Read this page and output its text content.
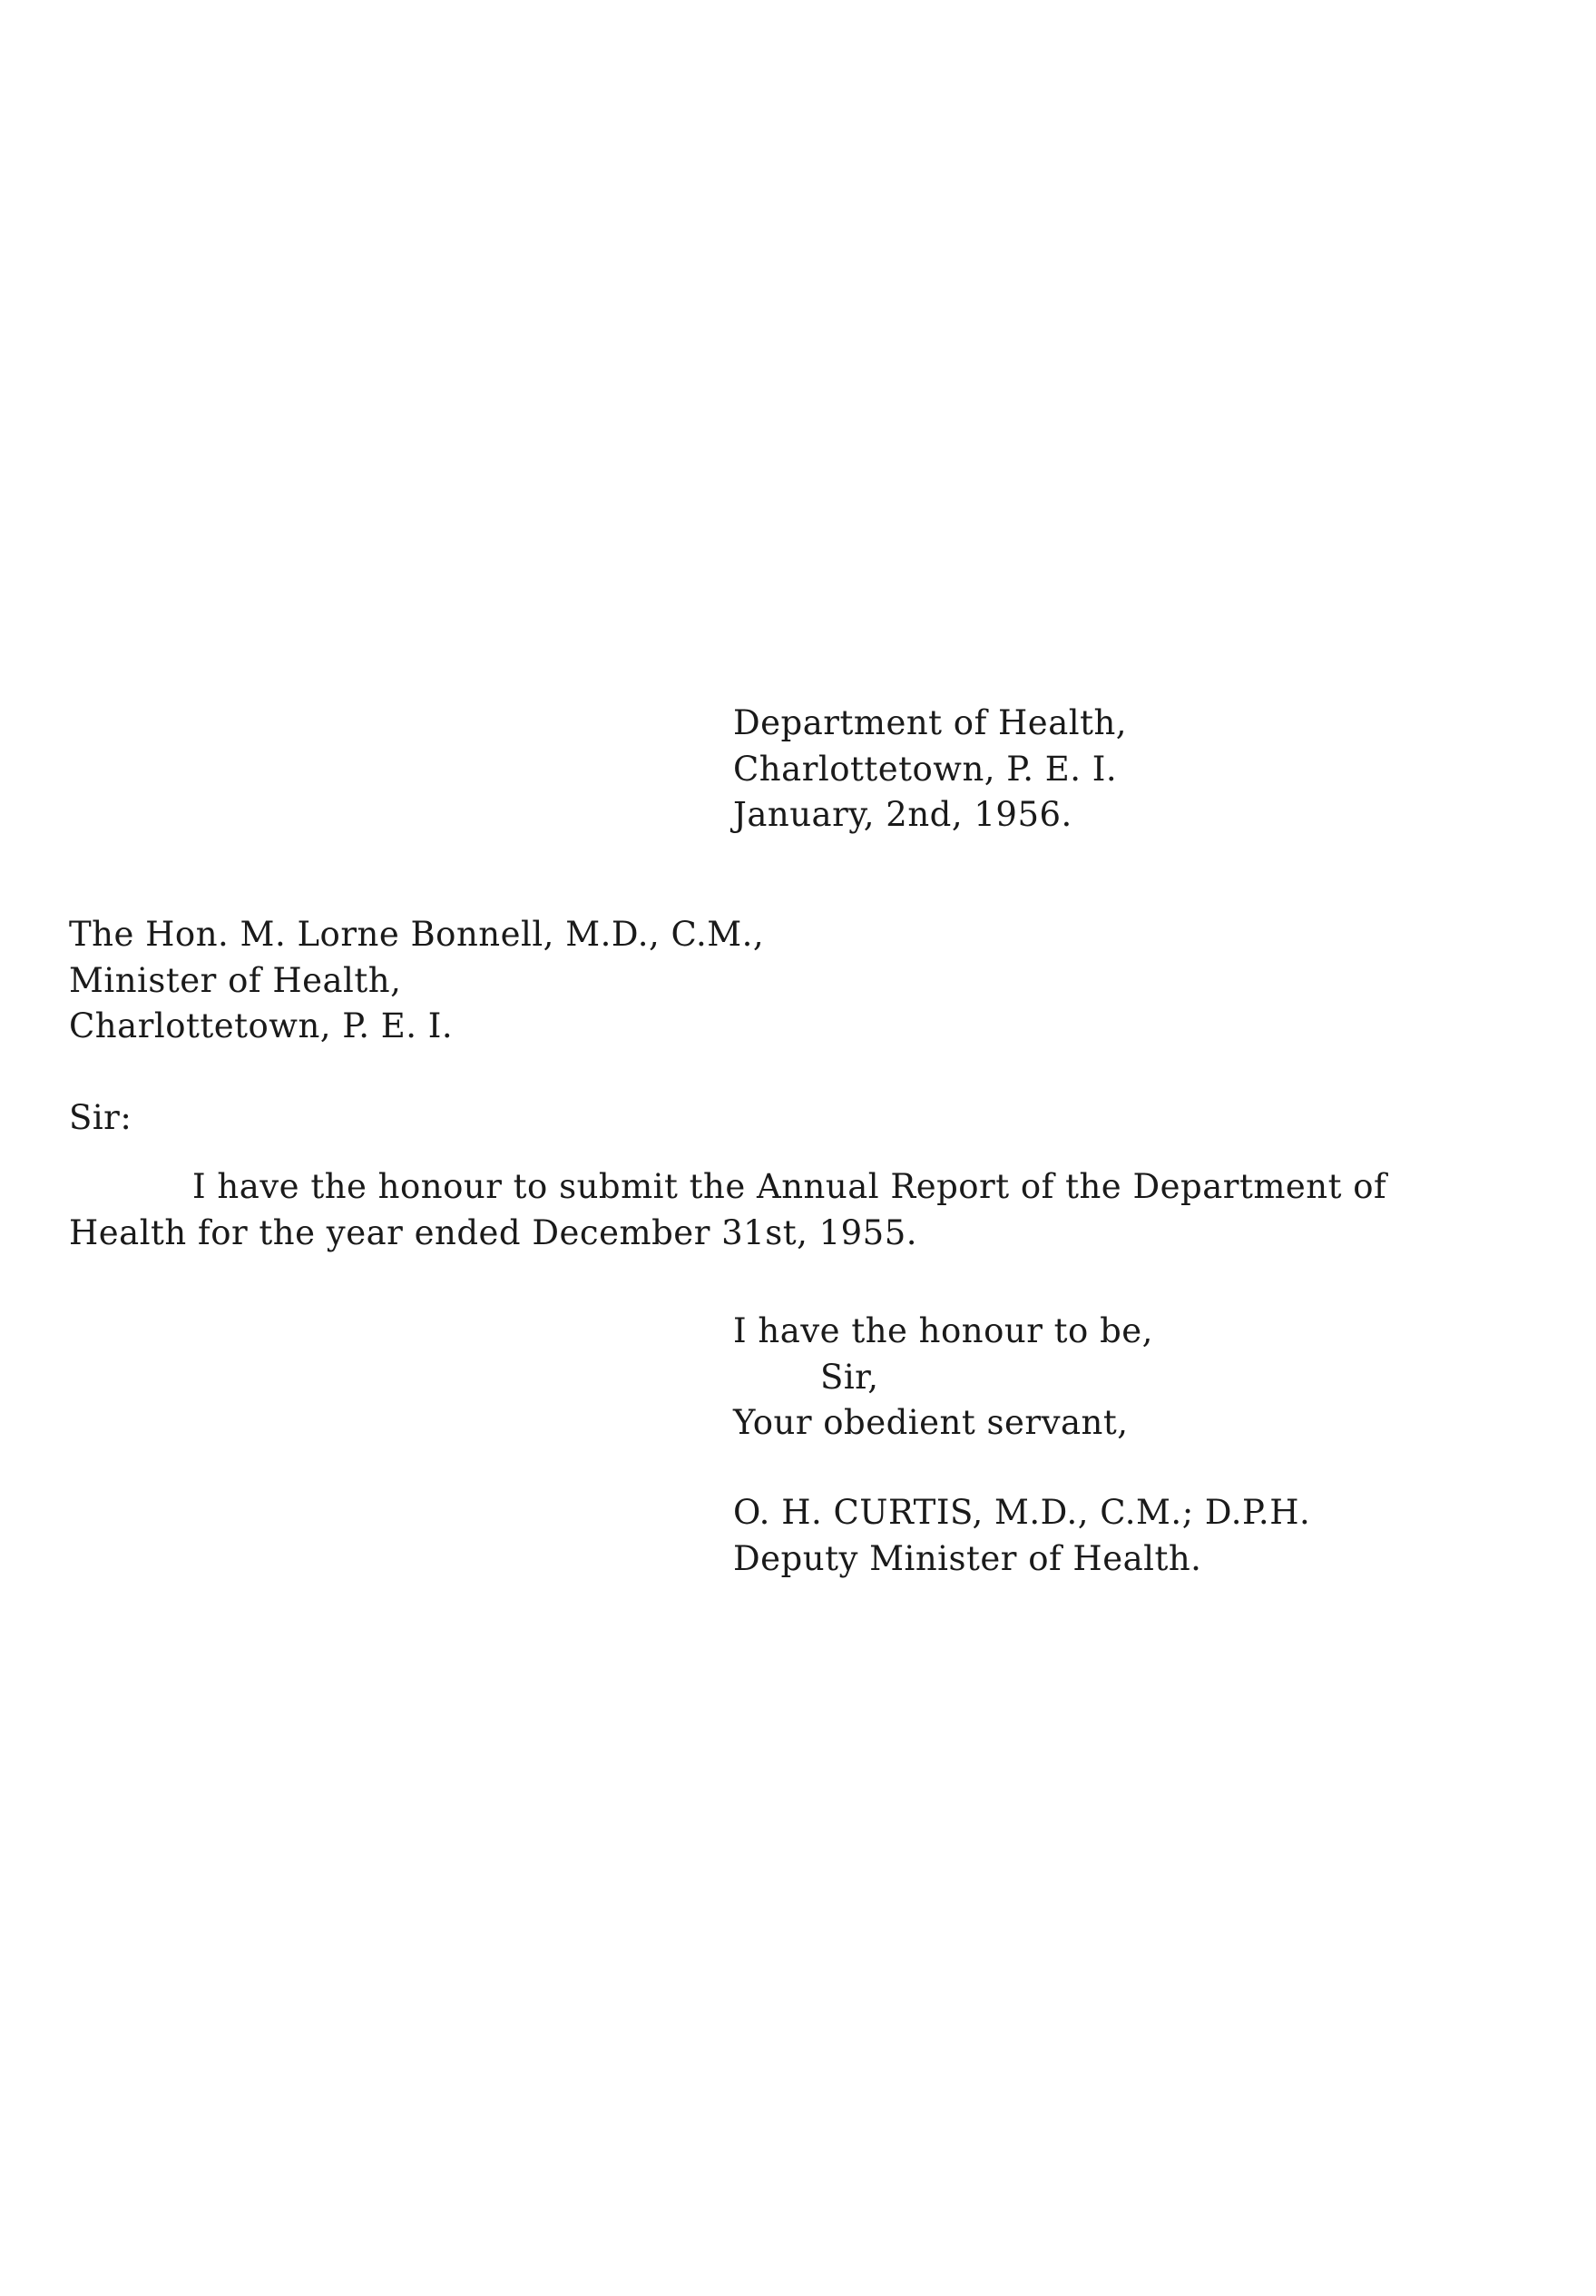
Department of Health,
Charlottetown, P. E. I.
January, 2nd, 1956.
The Hon. M. Lorne Bonnell, M.D., C.M.,
Minister of Health,
Charlottetown, P. E. I.
Sir:
I have the honour to submit the Annual Report of the Department of
Health for the year ended December 31st, 1955.
I have the honour to be,
Sir,
Your obedient servant,
O. H. CURTIS, M.D., C.M.; D.P.H.
Deputy Minister of Health.
